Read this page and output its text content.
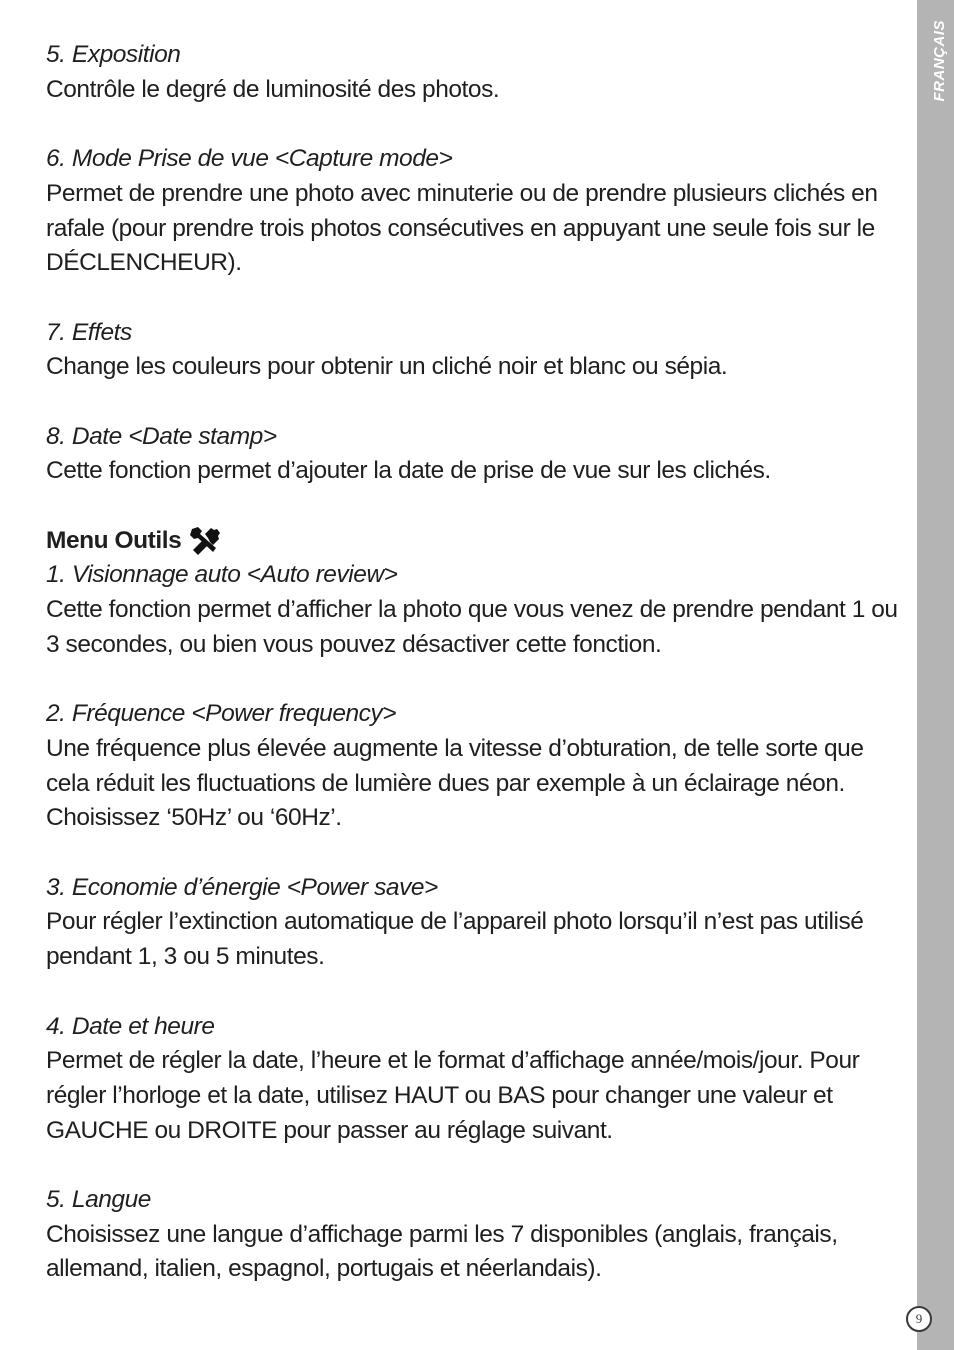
FRANÇAIS
9
5. Exposition

Contrôle le degré de luminosité des photos.

6. Mode Prise de vue <Capture mode>

Permet de prendre une photo avec minuterie ou de prendre plusieurs clichés en rafale (pour prendre trois photos consécutives en appuyant une seule fois sur le DÉCLENCHEUR).

7. Effets

Change les couleurs pour obtenir un cliché noir et blanc ou sépia.

8. Date <Date stamp>

Cette fonction permet d’ajouter la date de prise de vue sur les clichés.

Menu Outils
1. Visionnage auto <Auto review>

Cette fonction permet d’afficher la photo que vous venez de prendre pendant 1 ou 3 secondes, ou bien vous pouvez désactiver cette fonction.

2. Fréquence <Power frequency>

Une fréquence plus élevée augmente la vitesse d’obturation, de telle sorte que cela réduit les fluctuations de lumière dues par exemple à un éclairage néon. Choisissez ‘50Hz’ ou ‘60Hz’.

3. Economie d’énergie <Power save>

Pour régler l’extinction automatique de l’appareil photo lorsqu’il n’est pas utilisé pendant 1, 3 ou 5 minutes.

4. Date et heure

Permet de régler la date, l’heure et le format d’affichage année/mois/jour. Pour régler l’horloge et la date, utilisez HAUT ou BAS pour changer une valeur et GAUCHE ou DROITE pour passer au réglage suivant.

5. Langue

Choisissez une langue d’affichage parmi les 7 disponibles (anglais, français, allemand, italien, espagnol, portugais et néerlandais).
